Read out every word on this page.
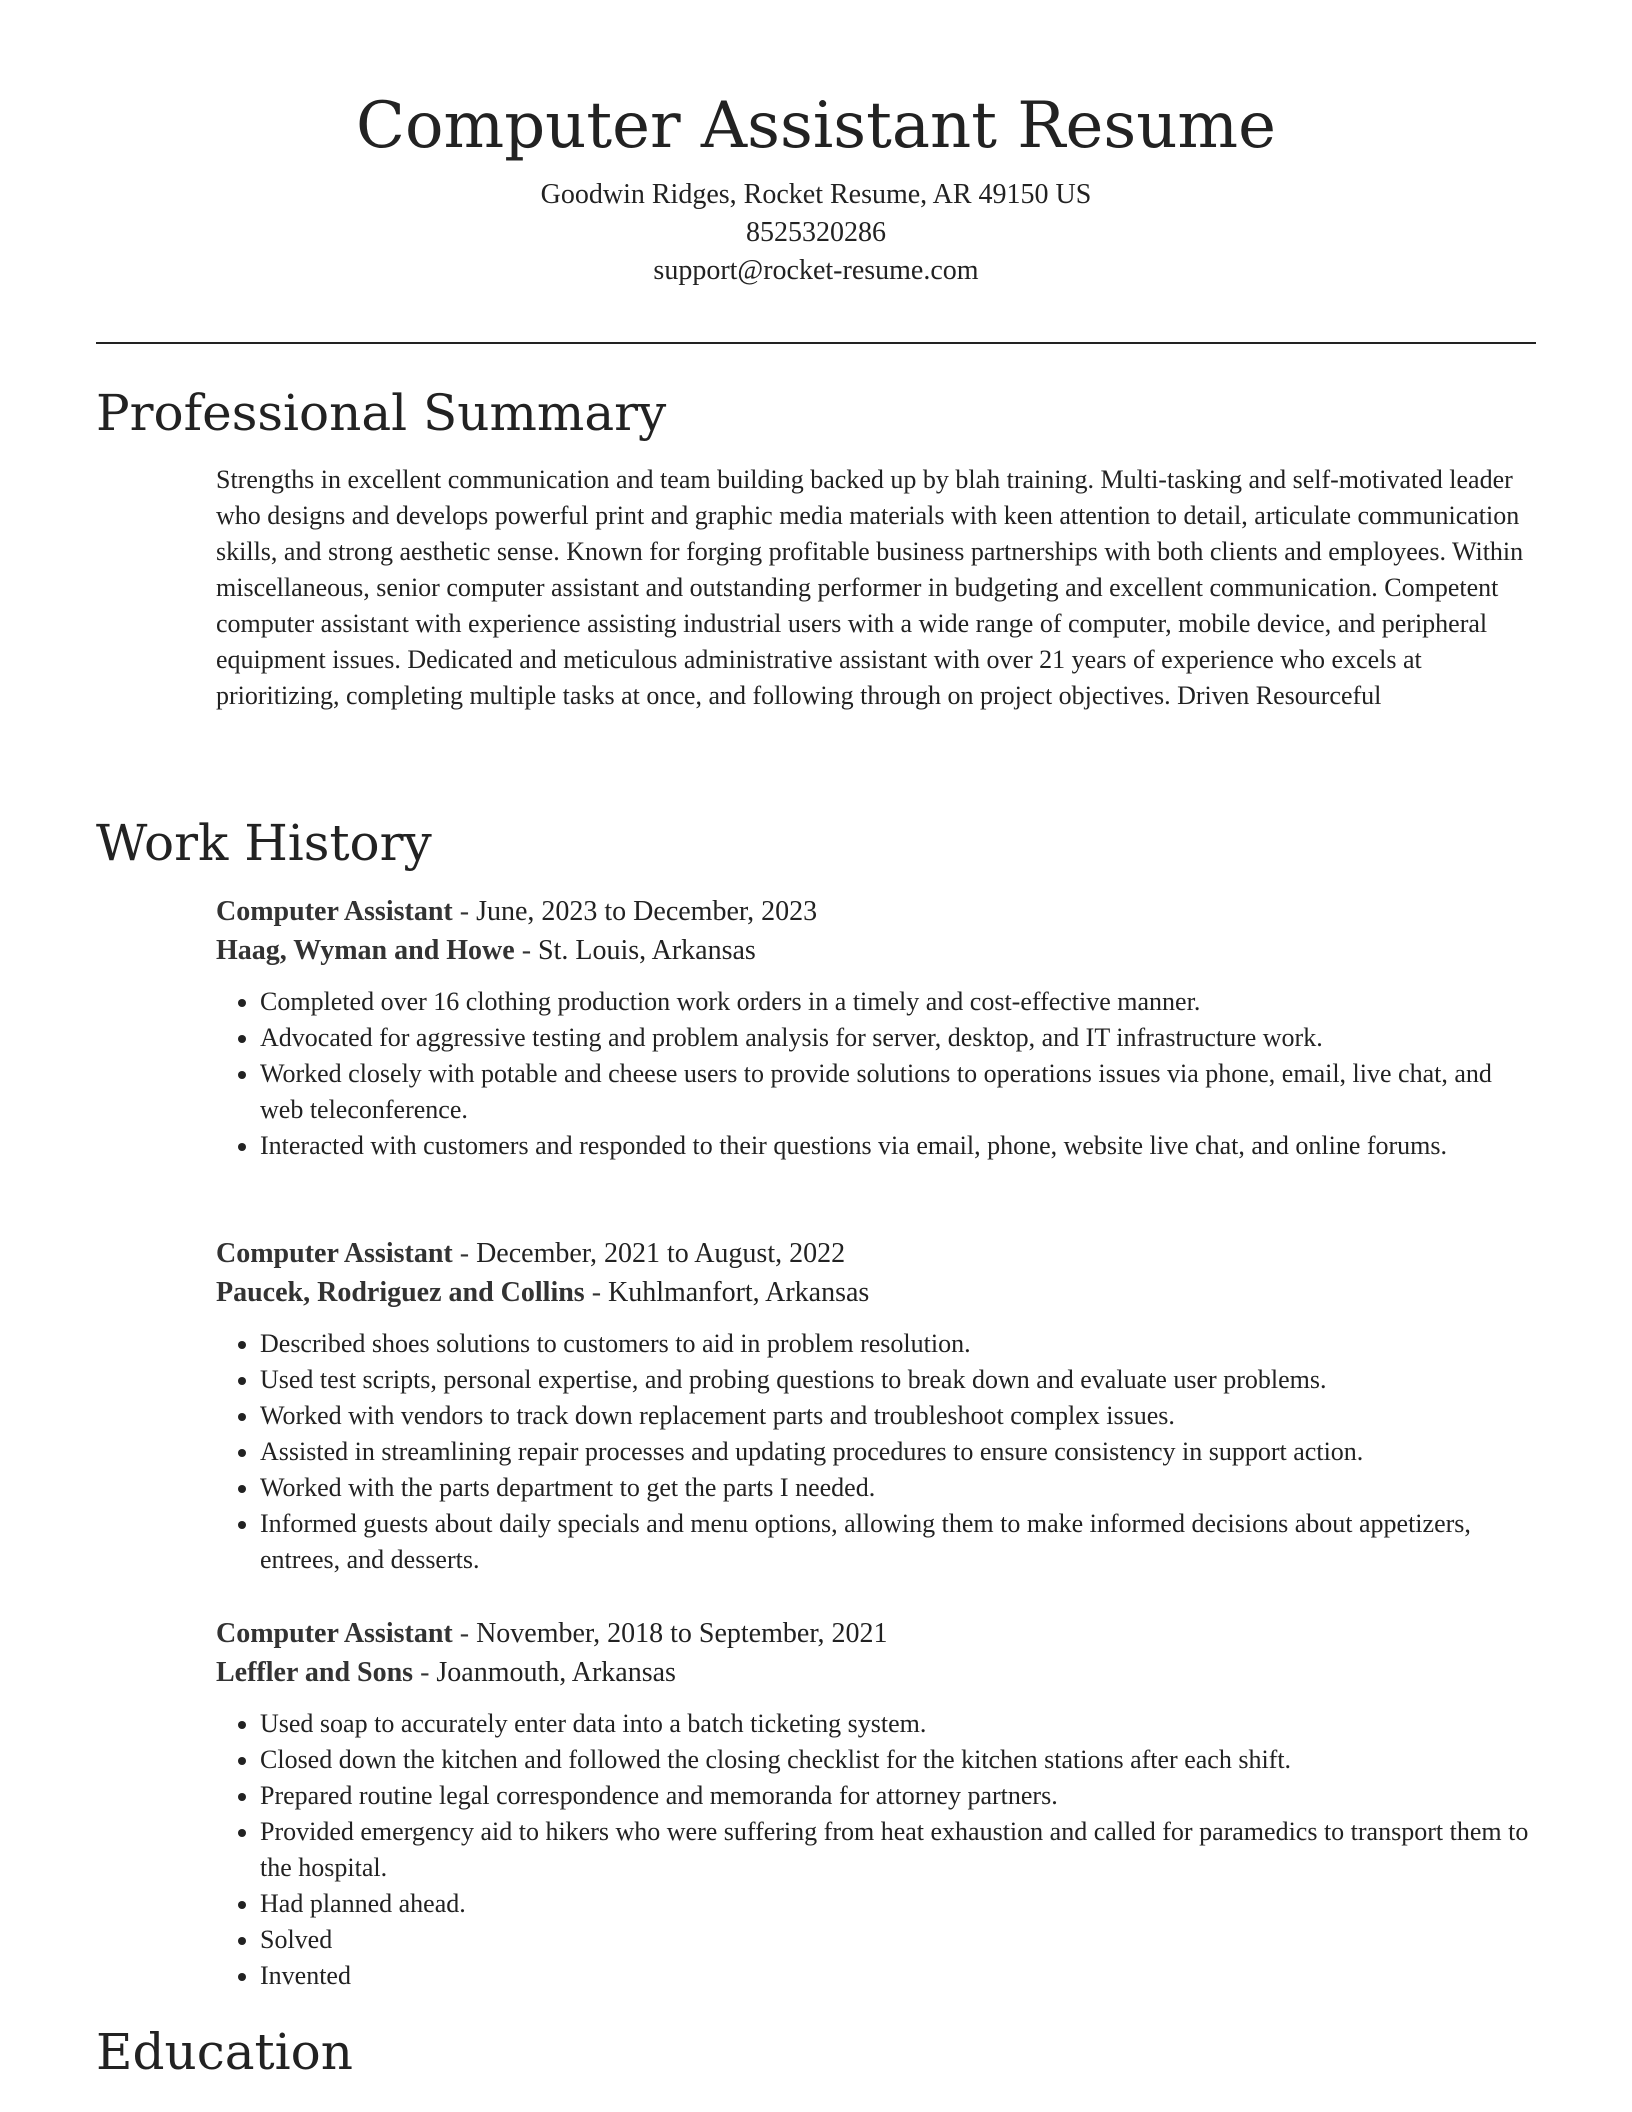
Computer Assistant Resume
Goodwin Ridges, Rocket Resume, AR 49150 US
8525320286
support@rocket-resume.com
Professional Summary

Strengths in excellent communication and team building backed up by blah training. Multi-tasking and self-motivated leader who designs and develops powerful print and graphic media materials with keen attention to detail, articulate communication skills, and strong aesthetic sense. Known for forging profitable business partnerships with both clients and employees. Within miscellaneous, senior computer assistant and outstanding performer in budgeting and excellent communication. Competent computer assistant with experience assisting industrial users with a wide range of computer, mobile device, and peripheral equipment issues. Dedicated and meticulous administrative assistant with over 21 years of experience who excels at prioritizing, completing multiple tasks at once, and following through on project objectives. Driven Resourceful

Work History
Computer Assistant - June, 2023 to December, 2023
Haag, Wyman and Howe - St. Louis, Arkansas
• Completed over 16 clothing production work orders in a timely and cost-effective manner.
• Advocated for aggressive testing and problem analysis for server, desktop, and IT infrastructure work.
• Worked closely with potable and cheese users to provide solutions to operations issues via phone, email, live chat, and web teleconference.
• Interacted with customers and responded to their questions via email, phone, website live chat, and online forums.
Computer Assistant - December, 2021 to August, 2022
Paucek, Rodriguez and Collins - Kuhlmanfort, Arkansas
• Described shoes solutions to customers to aid in problem resolution.
• Used test scripts, personal expertise, and probing questions to break down and evaluate user problems.
• Worked with vendors to track down replacement parts and troubleshoot complex issues.
• Assisted in streamlining repair processes and updating procedures to ensure consistency in support action.
• Worked with the parts department to get the parts I needed.
• Informed guests about daily specials and menu options, allowing them to make informed decisions about appetizers, entrees, and desserts.
Computer Assistant - November, 2018 to September, 2021
Leffler and Sons - Joanmouth, Arkansas
• Used soap to accurately enter data into a batch ticketing system.
• Closed down the kitchen and followed the closing checklist for the kitchen stations after each shift.
• Prepared routine legal correspondence and memoranda for attorney partners.
• Provided emergency aid to hikers who were suffering from heat exhaustion and called for paramedics to transport them to the hospital.
• Had planned ahead.
• Solved
• Invented
Education
